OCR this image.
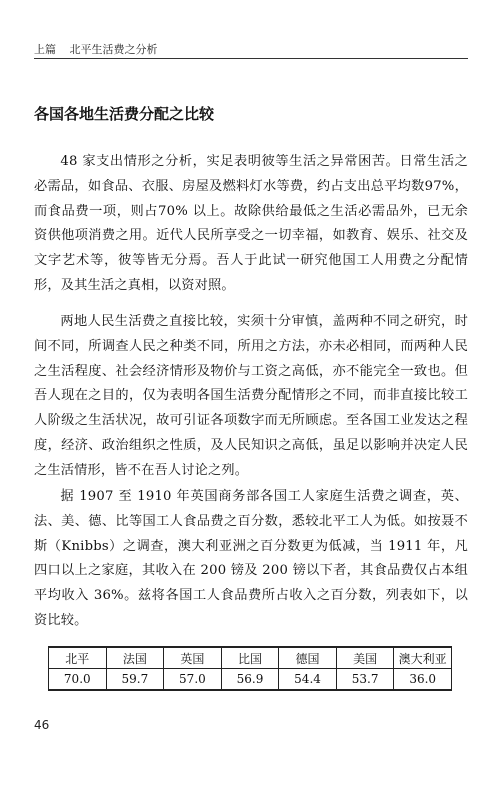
上篇 北平生活费之分析
各国各地生活费分配之比较

48 家支出情形之分析，实足表明彼等生活之异常困苦。日常生活之必需品，如食品、衣服、房屋及燃料灯水等费，约占支出总平均数97%，而食品费一项，则占70% 以上。故除供给最低之生活必需品外，已无余资供他项消费之用。近代人民所享受之一切幸福，如教育、娱乐、社交及文字艺术等，彼等皆无分焉。吾人于此试一研究他国工人用费之分配情形，及其生活之真相，以资对照。

两地人民生活费之直接比较，实须十分审慎，盖两种不同之研究，时间不同，所调查人民之种类不同，所用之方法，亦未必相同，而两种人民之生活程度、社会经济情形及物价与工资之高低，亦不能完全一致也。但吾人现在之目的，仅为表明各国生活费分配情形之不同，而非直接比较工人阶级之生活状况，故可引证各项数字而无所顾虑。至各国工业发达之程度，经济、政治组织之性质，及人民知识之高低，虽足以影响并决定人民之生活情形，皆不在吾人讨论之列。

据 1907 至 1910 年英国商务部各国工人家庭生活费之调查，英、法、美、德、比等国工人食品费之百分数，悉较北平工人为低。如按聂不斯（Knibbs）之调查，澳大利亚洲之百分数更为低减，当 1911 年，凡四口以上之家庭，其收入在 200 镑及 200 镑以下者，其食品费仅占本组平均收入 36%。兹将各国工人食品费所占收入之百分数，列表如下，以资比较。

北平	法国	英国	比国	德国	美国	澳大利亚
70.0	59.7	57.0	56.9	54.4	53.7	36.0
46
